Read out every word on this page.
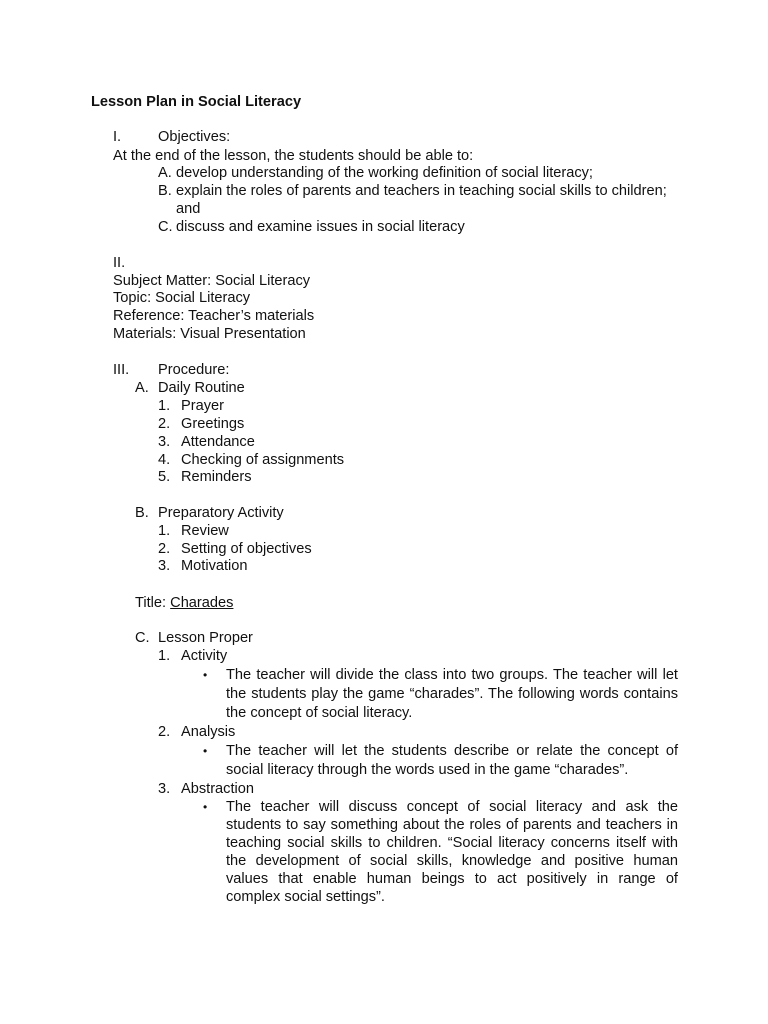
Lesson Plan in Social Literacy
I.	Objectives:
At the end of the lesson, the students should be able to:
A. develop understanding of the working definition of social literacy;
B. explain the roles of parents and teachers in teaching social skills to children;
and
C. discuss and examine issues in social literacy
II.
Subject Matter: Social Literacy
Topic: Social Literacy
Reference: Teacher’s materials
Materials: Visual Presentation
III. Procedure:
A. Daily Routine
1. Prayer
2. Greetings
3. Attendance
4. Checking of assignments
5. Reminders
B. Preparatory Activity
1. Review
2. Setting of objectives
3. Motivation
Title: Charades
C. Lesson Proper
1. Activity
• The teacher will divide the class into two groups. The teacher will let
the students play the game “charades”. The following words contains
the concept of social literacy.
2. Analysis
• The teacher will let the students describe or relate the concept of
social literacy through the words used in the game “charades”.
3. Abstraction
• The teacher will discuss concept of social literacy and ask the
students to say something about the roles of parents and teachers in
teaching social skills to children. “Social literacy concerns itself with
the development of social skills, knowledge and positive human
values that enable human beings to act positively in range of
complex social settings”.
